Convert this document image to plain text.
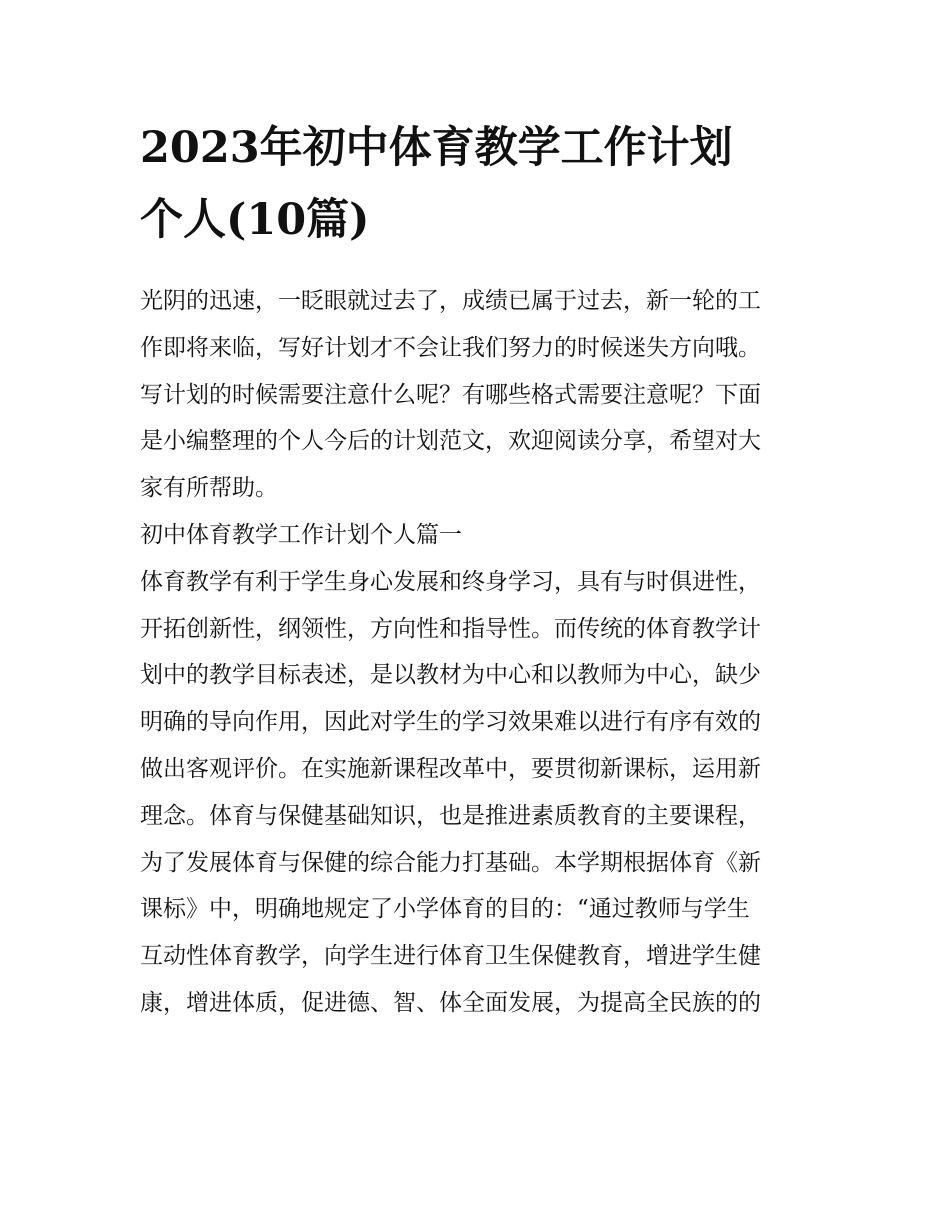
2023年初中体育教学工作计划
个人(10篇)
光阴的迅速，一眨眼就过去了，成绩已属于过去，新一轮的工
作即将来临，写好计划才不会让我们努力的时候迷失方向哦。
写计划的时候需要注意什么呢？有哪些格式需要注意呢？下面
是小编整理的个人今后的计划范文，欢迎阅读分享，希望对大
家有所帮助。
初中体育教学工作计划个人篇一
体育教学有利于学生身心发展和终身学习，具有与时俱进性，
开拓创新性，纲领性，方向性和指导性。而传统的体育教学计
划中的教学目标表述，是以教材为中心和以教师为中心，缺少
明确的导向作用，因此对学生的学习效果难以进行有序有效的
做出客观评价。在实施新课程改革中，要贯彻新课标，运用新
理念。体育与保健基础知识，也是推进素质教育的主要课程，
为了发展体育与保健的综合能力打基础。本学期根据体育《新
课标》中，明确地规定了小学体育的目的：“通过教师与学生
互动性体育教学，向学生进行体育卫生保健教育，增进学生健
康，增进体质，促进德、智、体全面发展，为提高全民族的的
